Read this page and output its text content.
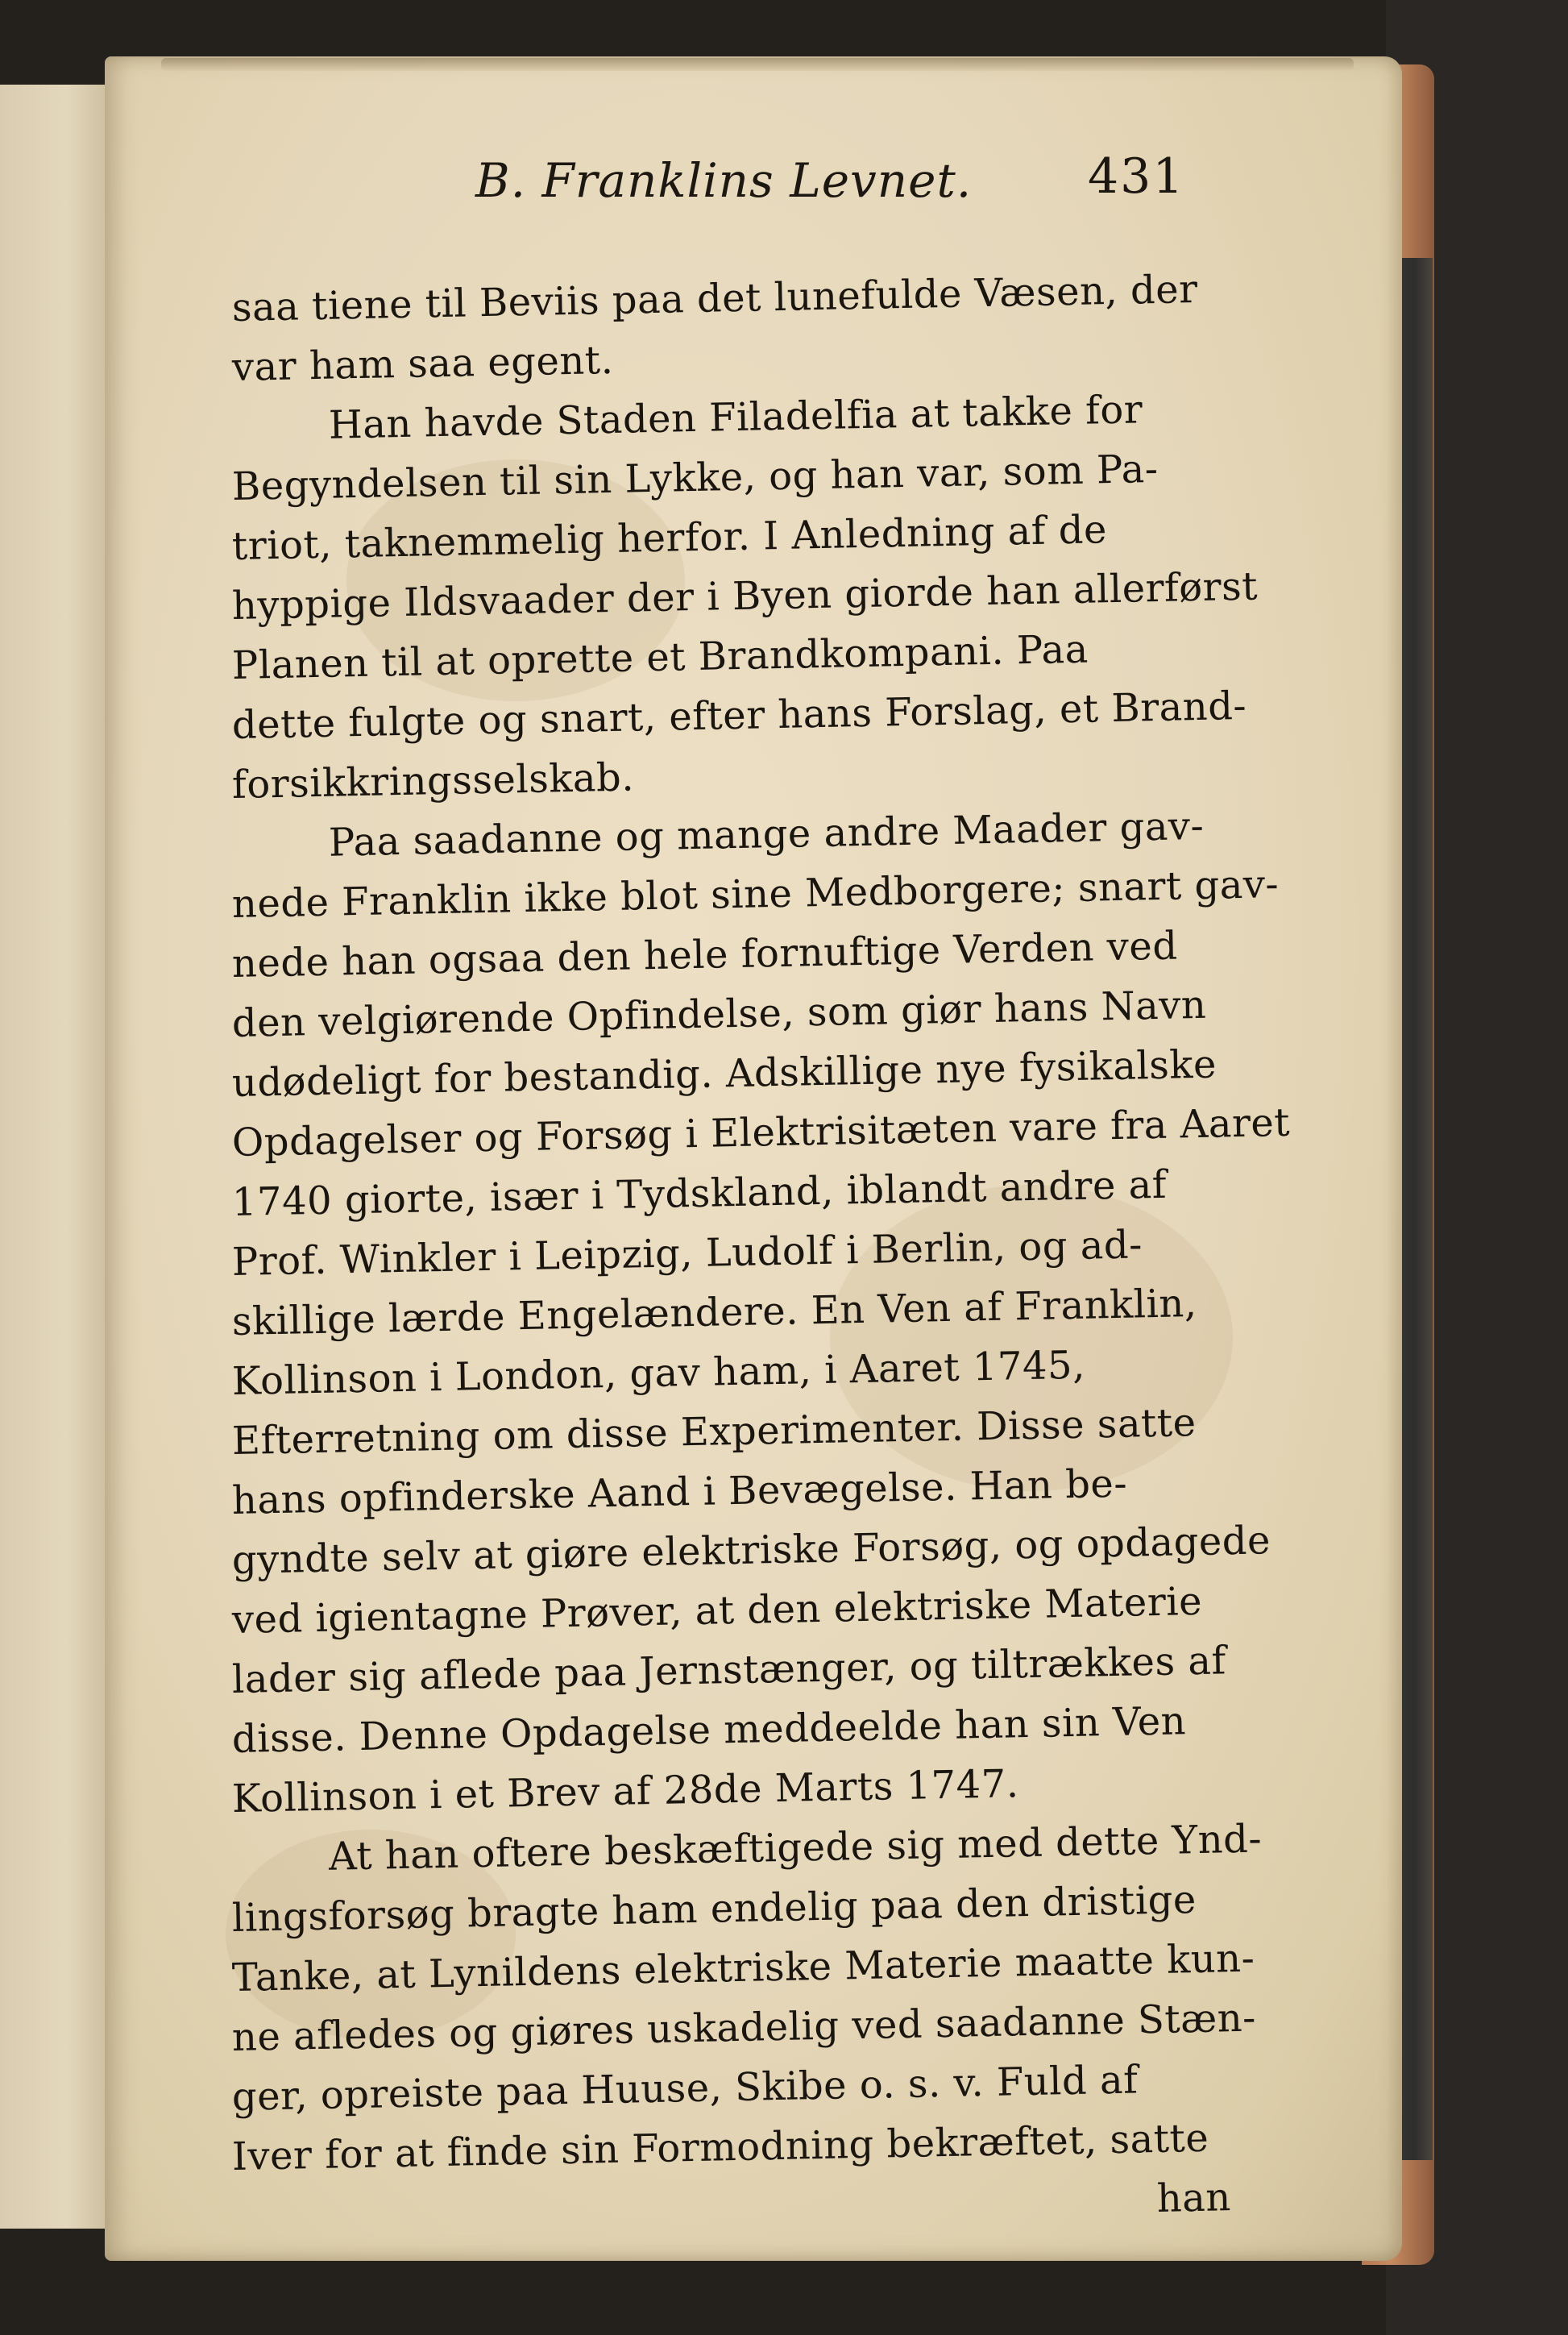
B. Franklins Levnet. 431
saa tiene til Beviis paa det lunefulde Væsen, der
var ham saa egent.
Han havde Staden Filadelfia at takke for
Begyndelsen til sin Lykke, og han var, som Pa-
triot, taknemmelig herfor. I Anledning af de
hyppige Ildsvaader der i Byen giorde han allerførst
Planen til at oprette et Brandkompani. Paa
dette fulgte og snart, efter hans Forslag, et Brand-
forsikkringsselskab.
Paa saadanne og mange andre Maader gav-
nede Franklin ikke blot sine Medborgere; snart gav-
nede han ogsaa den hele fornuftige Verden ved
den velgiørende Opfindelse, som giør hans Navn
udødeligt for bestandig. Adskillige nye fysikalske
Opdagelser og Forsøg i Elektrisitæten vare fra Aaret
1740 giorte, især i Tydskland, iblandt andre af
Prof. Winkler i Leipzig, Ludolf i Berlin, og ad-
skillige lærde Engelændere. En Ven af Franklin,
Kollinson i London, gav ham, i Aaret 1745,
Efterretning om disse Experimenter. Disse satte
hans opfinderske Aand i Bevægelse. Han be-
gyndte selv at giøre elektriske Forsøg, og opdagede
ved igientagne Prøver, at den elektriske Materie
lader sig aflede paa Jernstænger, og tiltrækkes af
disse. Denne Opdagelse meddeelde han sin Ven
Kollinson i et Brev af 28de Marts 1747.
At han oftere beskæftigede sig med dette Ynd-
lingsforsøg bragte ham endelig paa den dristige
Tanke, at Lynildens elektriske Materie maatte kun-
ne afledes og giøres uskadelig ved saadanne Stæn-
ger, opreiste paa Huuse, Skibe o. s. v. Fuld af
Iver for at finde sin Formodning bekræftet, satte
han
